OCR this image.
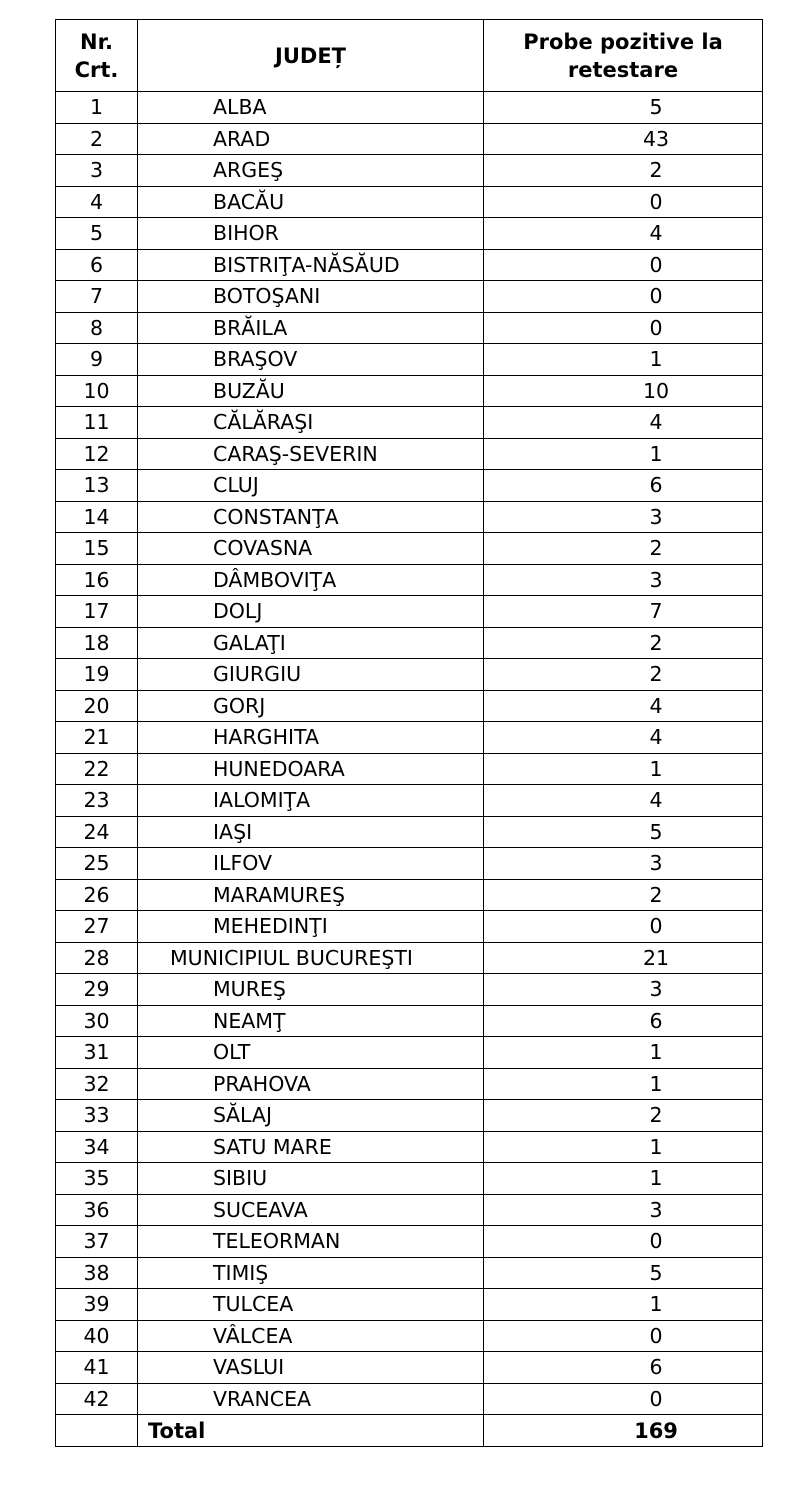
Nr. Crt.	JUDEȚ	Probe pozitive la retestare

1	ALBA	5
2	ARAD	43
3	ARGEŞ	2
4	BACĂU	0
5	BIHOR	4
6	BISTRIŢA-NĂSĂUD	0
7	BOTOŞANI	0
8	BRĂILA	0
9	BRAŞOV	1
10	BUZĂU	10
11	CĂLĂRAŞI	4
12	CARAŞ-SEVERIN	1
13	CLUJ	6
14	CONSTANŢA	3
15	COVASNA	2
16	DÂMBOVIŢA	3
17	DOLJ	7
18	GALAŢI	2
19	GIURGIU	2
20	GORJ	4
21	HARGHITA	4
22	HUNEDOARA	1
23	IALOMIŢA	4
24	IAŞI	5
25	ILFOV	3
26	MARAMUREŞ	2
27	MEHEDINŢI	0
28	MUNICIPIUL BUCUREŞTI	21
29	MUREŞ	3
30	NEAMŢ	6
31	OLT	1
32	PRAHOVA	1
33	SĂLAJ	2
34	SATU MARE	1
35	SIBIU	1
36	SUCEAVA	3
37	TELEORMAN	0
38	TIMIŞ	5
39	TULCEA	1
40	VÂLCEA	0
41	VASLUI	6
42	VRANCEA	0
	Total	169
